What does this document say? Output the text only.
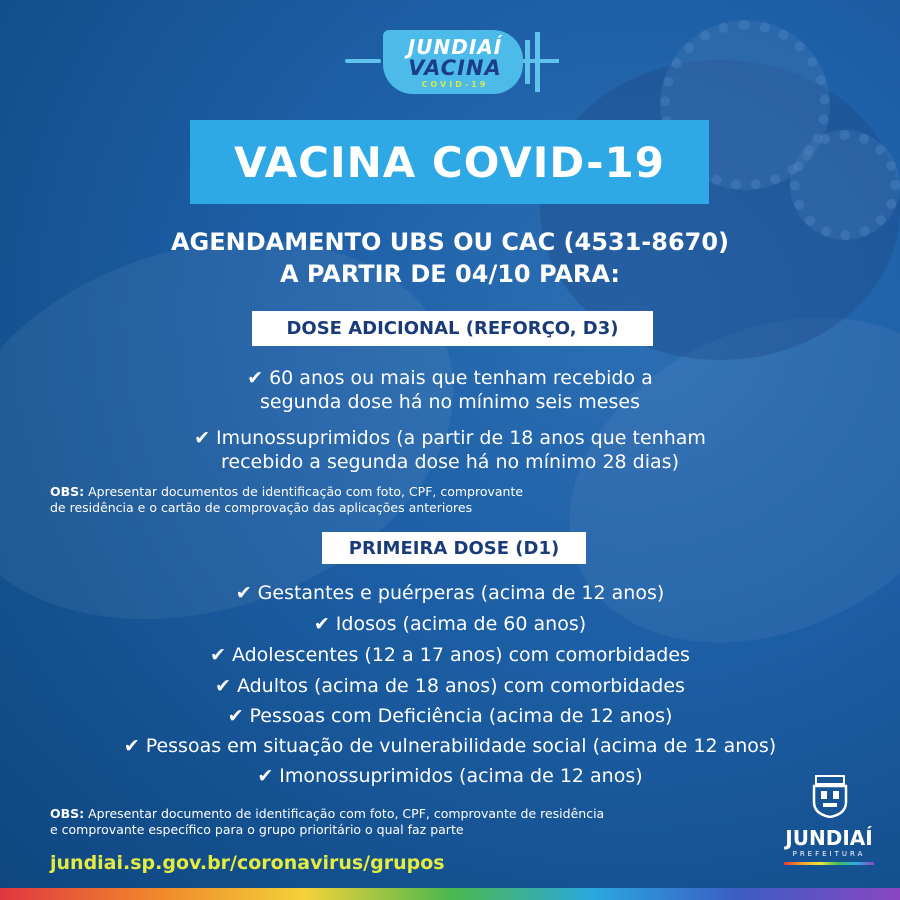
JUNDIAÍ
VACINA
COVID-19
VACINA COVID-19
AGENDAMENTO UBS OU CAC (4531-8670)
A PARTIR DE 04/10 PARA:
DOSE ADICIONAL (REFORÇO, D3)
✔ 60 anos ou mais que tenham recebido a
segunda dose há no mínimo seis meses
✔ Imunossuprimidos (a partir de 18 anos que tenham
recebido a segunda dose há no mínimo 28 dias)
OBS: Apresentar documentos de identificação com foto, CPF, comprovante
de residência e o cartão de comprovação das aplicações anteriores
PRIMEIRA DOSE (D1)
✔ Gestantes e puérperas (acima de 12 anos)
✔ Idosos (acima de 60 anos)
✔ Adolescentes (12 a 17 anos) com comorbidades
✔ Adultos (acima de 18 anos) com comorbidades
✔ Pessoas com Deficiência (acima de 12 anos)
✔ Pessoas em situação de vulnerabilidade social (acima de 12 anos)
✔ Imonossuprimidos (acima de 12 anos)
OBS: Apresentar documento de identificação com foto, CPF, comprovante de residência
e comprovante específico para o grupo prioritário o qual faz parte
jundiai.sp.gov.br/coronavirus/grupos
JUNDIAÍ
PREFEITURA
